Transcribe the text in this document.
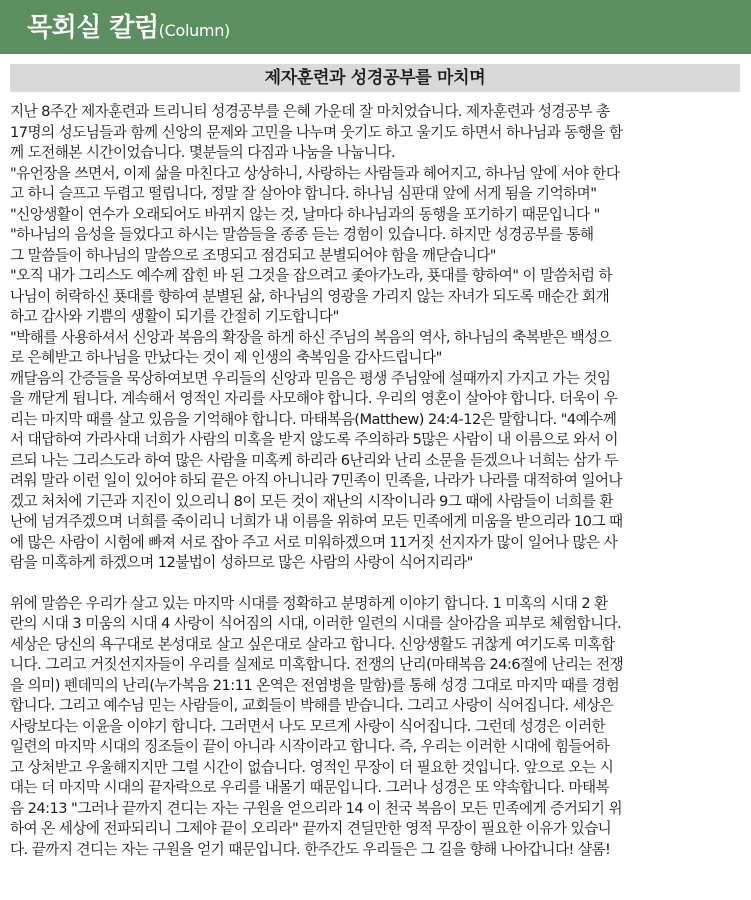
목회실 칼럼(Column)
제자훈련과 성경공부를 마치며

지난 8주간 제자훈련과 트리니티 성경공부를 은혜 가운데 잘 마치었습니다. 제자훈련과 성경공부 총
17명의 성도님들과 함께 신앙의 문제와 고민을 나누며 웃기도 하고 울기도 하면서 하나님과 동행을 함
께 도전해본 시간이었습니다. 몇분들의 다짐과 나눔을 나눕니다.
"유언장을 쓰면서, 이제 삶을 마친다고 상상하니, 사랑하는 사람들과 헤어지고, 하나님 앞에 서야 한다
고 하니 슬프고 두렵고 떨립니다, 정말 잘 살아야 합니다. 하나님 심판대 앞에 서게 됨을 기억하며"
"신앙생활이 연수가 오래되어도 바뀌지 않는 것, 날마다 하나님과의 동행을 포기하기 때문입니다 "
"하나님의 음성을 들었다고 하시는 말씀들을 종종 듣는 경험이 있습니다. 하지만 성경공부를 통해
그 말씀들이 하나님의 말씀으로 조명되고 점검되고 분별되어야 함을 깨닫습니다"
"오직 내가 그리스도 예수께 잡힌 바 된 그것을 잡으려고 좇아가노라, 푯대를 향하여" 이 말씀처럼 하
나님이 허락하신 푯대를 향하여 분별된 삶, 하나님의 영광을 가리지 않는 자녀가 되도록 매순간 회개
하고 감사와 기쁨의 생활이 되기를 간절히 기도합니다"
"박해를 사용하셔서 신앙과 복음의 확장을 하게 하신 주님의 복음의 역사, 하나님의 축복받은 백성으
로 은혜받고 하나님을 만났다는 것이 제 인생의 축복임을 감사드립니다"
깨달음의 간증들을 묵상하여보면 우리들의 신앙과 믿음은 평생 주님앞에 설때까지 가지고 가는 것임
을 깨닫게 됩니다. 계속해서 영적인 자리를 사모해야 합니다. 우리의 영혼이 살아야 합니다. 더욱이 우
리는 마지막 때를 살고 있음을 기억해야 합니다. 마태복음(Matthew) 24:4-12은 말합니다. "4예수께
서 대답하여 가라사대 너희가 사람의 미혹을 받지 않도록 주의하라 5많은 사람이 내 이름으로 와서 이
르되 나는 그리스도라 하여 많은 사람을 미혹케 하리라 6난리와 난리 소문을 듣겠으나 너희는 삼가 두
려워 말라 이런 일이 있어야 하되 끝은 아직 아니니라 7민족이 민족을, 나라가 나라를 대적하여 일어나
겠고 처처에 기근과 지진이 있으리니 8이 모든 것이 재난의 시작이니라 9그 때에 사람들이 너희를 환
난에 넘겨주겠으며 너희를 죽이리니 너희가 내 이름을 위하여 모든 민족에게 미움을 받으리라 10그 때
에 많은 사람이 시험에 빠져 서로 잡아 주고 서로 미워하겠으며 11거짓 선지자가 많이 일어나 많은 사
람을 미혹하게 하겠으며 12불법이 성하므로 많은 사람의 사랑이 식어지리라"

위에 말씀은 우리가 살고 있는 마지막 시대를 정확하고 분명하게 이야기 합니다. 1 미혹의 시대 2 환
란의 시대 3 미움의 시대 4 사랑이 식어짐의 시대, 이러한 일련의 시대를 살아감을 피부로 체험합니다.
세상은 당신의 욕구대로 본성대로 살고 싶은대로 살라고 합니다. 신앙생활도 귀찮게 여기도록 미혹합
니다. 그리고 거짓선지자들이 우리를 실제로 미혹합니다. 전쟁의 난리(마태복음 24:6절에 난리는 전쟁
을 의미) 펜데믹의 난리(누가복음 21:11 온역은 전염병을 말함)를 통해 성경 그대로 마지막 때를 경험
합니다. 그리고 예수님 믿는 사람들이, 교회들이 박해를 받습니다. 그리고 사랑이 식어집니다. 세상은
사랑보다는 이윤을 이야기 합니다. 그러면서 나도 모르게 사랑이 식어집니다. 그런데 성경은 이러한
일련의 마지막 시대의 징조들이 끝이 아니라 시작이라고 합니다. 즉, 우리는 이러한 시대에 힘들어하
고 상처받고 우울해지지만 그럴 시간이 없습니다. 영적인 무장이 더 필요한 것입니다. 앞으로 오는 시
대는 더 마지막 시대의 끝자락으로 우리를 내몰기 때문입니다. 그러나 성경은 또 약속합니다. 마태복
음 24:13 "그러나 끝까지 견디는 자는 구원을 얻으리라 14 이 천국 복음이 모든 민족에게 증거되기 위
하여 온 세상에 전파되리니 그제야 끝이 오리라" 끝까지 견딜만한 영적 무장이 필요한 이유가 있습니
다. 끝까지 견디는 자는 구원을 얻기 때문입니다. 한주간도 우리들은 그 길을 향해 나아갑니다! 샬롬!
